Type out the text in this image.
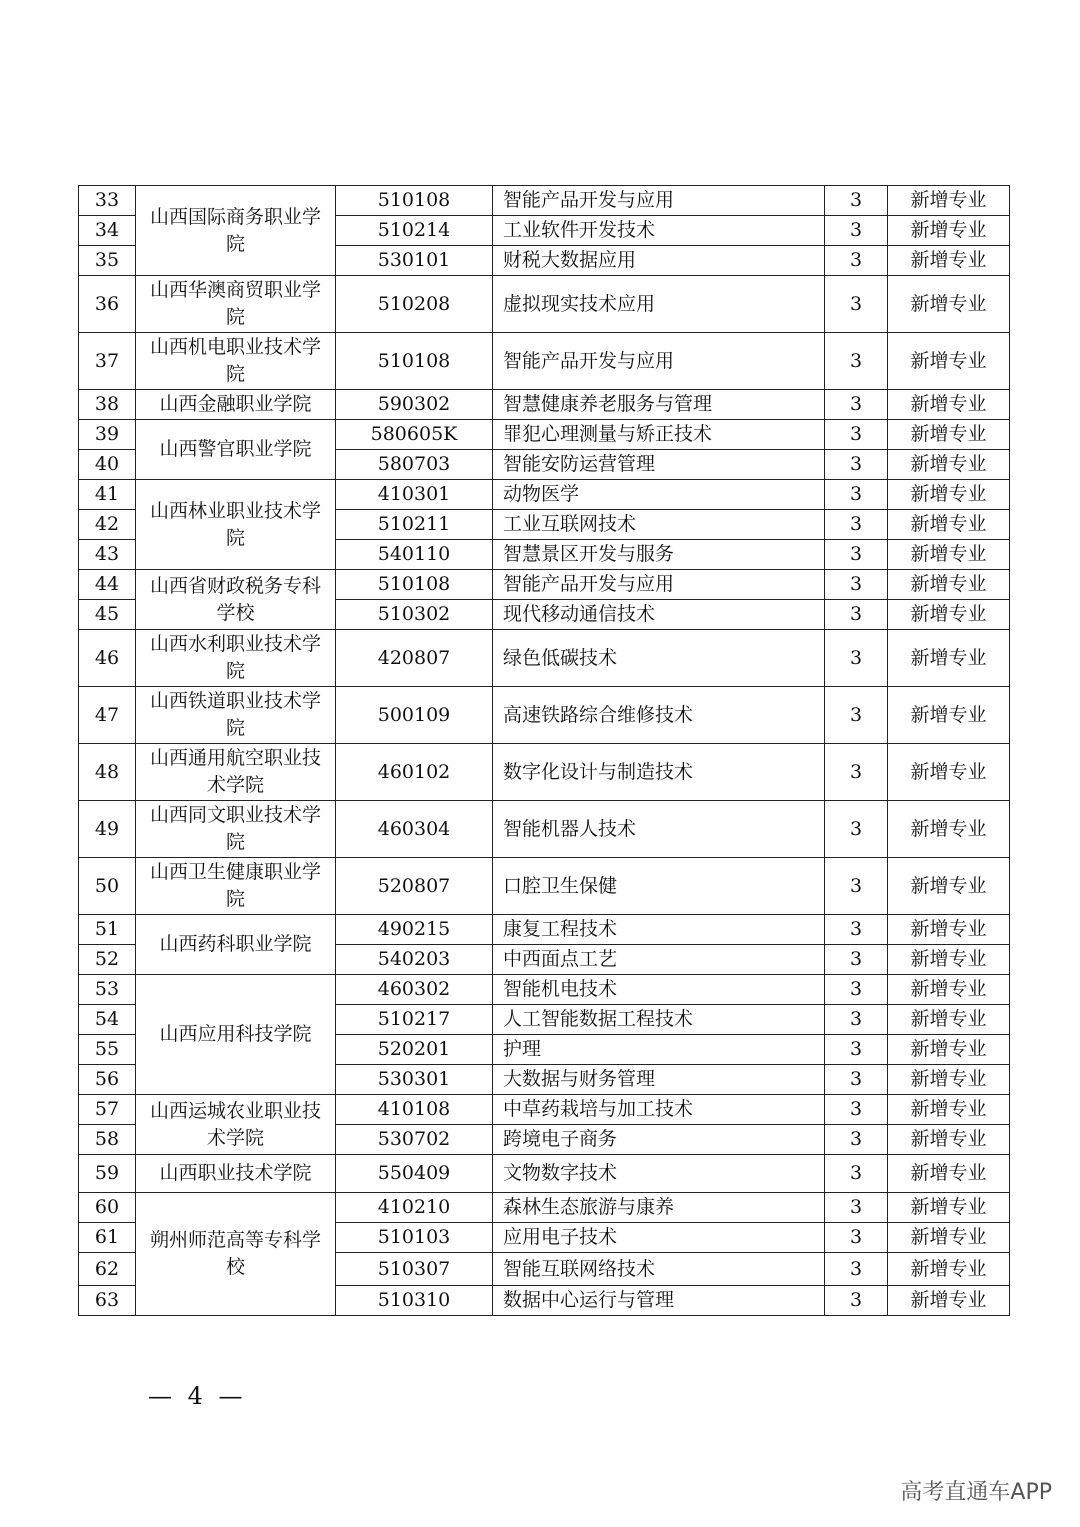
33	山西国际商务职业学院	510108	智能产品开发与应用	3	新增专业
34		510214	工业软件开发技术	3	新增专业
35		530101	财税大数据应用	3	新增专业
36	山西华澳商贸职业学院	510208	虚拟现实技术应用	3	新增专业
37	山西机电职业技术学院	510108	智能产品开发与应用	3	新增专业
38	山西金融职业学院	590302	智慧健康养老服务与管理	3	新增专业
39	山西警官职业学院	580605K	罪犯心理测量与矫正技术	3	新增专业
40		580703	智能安防运营管理	3	新增专业
41	山西林业职业技术学院	410301	动物医学	3	新增专业
42		510211	工业互联网技术	3	新增专业
43		540110	智慧景区开发与服务	3	新增专业
44	山西省财政税务专科学校	510108	智能产品开发与应用	3	新增专业
45		510302	现代移动通信技术	3	新增专业
46	山西水利职业技术学院	420807	绿色低碳技术	3	新增专业
47	山西铁道职业技术学院	500109	高速铁路综合维修技术	3	新增专业
48	山西通用航空职业技术学院	460102	数字化设计与制造技术	3	新增专业
49	山西同文职业技术学院	460304	智能机器人技术	3	新增专业
50	山西卫生健康职业学院	520807	口腔卫生保健	3	新增专业
51	山西药科职业学院	490215	康复工程技术	3	新增专业
52		540203	中西面点工艺	3	新增专业
53	山西应用科技学院	460302	智能机电技术	3	新增专业
54		510217	人工智能数据工程技术	3	新增专业
55		520201	护理	3	新增专业
56		530301	大数据与财务管理	3	新增专业
57	山西运城农业职业技术学院	410108	中草药栽培与加工技术	3	新增专业
58		530702	跨境电子商务	3	新增专业
59	山西职业技术学院	550409	文物数字技术	3	新增专业
60	朔州师范高等专科学校	410210	森林生态旅游与康养	3	新增专业
61		510103	应用电子技术	3	新增专业
62		510307	智能互联网络技术	3	新增专业
63		510310	数据中心运行与管理	3	新增专业
— 4 —
高考直通车APP
